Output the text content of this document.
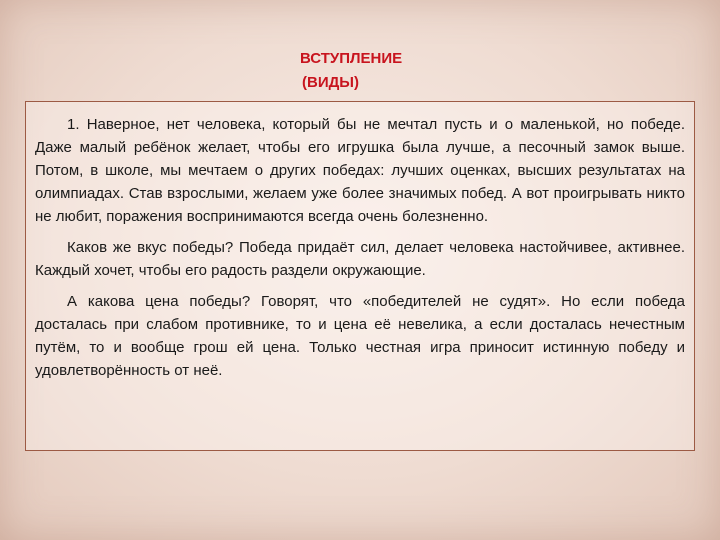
ВСТУПЛЕНИЕ
(ВИДЫ)

1. Наверное, нет человека, который бы не мечтал пусть и о маленькой, но победе. Даже малый ребёнок желает, чтобы его игрушка была лучше, а песочный замок выше. Потом, в школе, мы мечтаем о других победах: лучших оценках, высших результатах на олимпиадах. Став взрослыми, желаем уже более значимых побед. А вот проигрывать никто не любит, поражения воспринимаются всегда очень болезненно.

Каков же вкус победы? Победа придаёт сил, делает человека настойчивее, активнее. Каждый хочет, чтобы его радость раздели окружающие.

А какова цена победы? Говорят, что «победителей не судят». Но если победа досталась при слабом противнике, то и цена её невелика, а если досталась нечестным путём, то и вообще грош ей цена. Только честная игра приносит истинную победу и удовлетворённость от неё.
